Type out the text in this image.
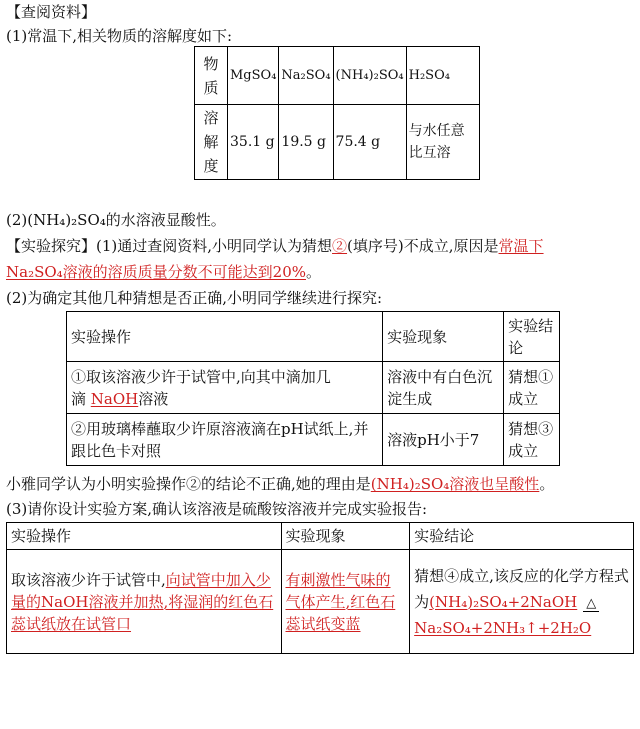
【查阅资料】
(1)常温下,相关物质的溶解度如下:
物质	MgSO₄	Na₂SO₄	(NH₄)₂SO₄	H₂SO₄
溶解度	35.1 g	19.5 g	75.4 g	与水任意比互溶
(2)(NH₄)₂SO₄的水溶液显酸性。
【实验探究】(1)通过查阅资料,小明同学认为猜想②(填序号)不成立,原因是常温下
Na₂SO₄溶液的溶质质量分数不可能达到20%。
(2)为确定其他几种猜想是否正确,小明同学继续进行探究:
实验操作	实验现象	实验结论

①取该溶液少许于试管中,向其中滴加几
滴 NaOH溶液	溶液中有白色沉淀生成	猜想①成立
②用玻璃棒蘸取少许原溶液滴在pH试纸上,并跟比色卡对照	溶液pH小于7	猜想③成立
小雅同学认为小明实验操作②的结论不正确,她的理由是(NH₄)₂SO₄溶液也呈酸性。
(3)请你设计实验方案,确认该溶液是硫酸铵溶液并完成实验报告:
实验操作	实验现象	实验结论
取该溶液少许于试管中,向试管中加入少量的NaOH溶液并加热,将湿润的红色石蕊试纸放在试管口	有刺激性气味的气体产生,红色石蕊试纸变蓝	猜想④成立,该反应的化学方程式为(NH₄)₂SO₄+2NaOH △
Na₂SO₄+2NH₃↑+2H₂O
